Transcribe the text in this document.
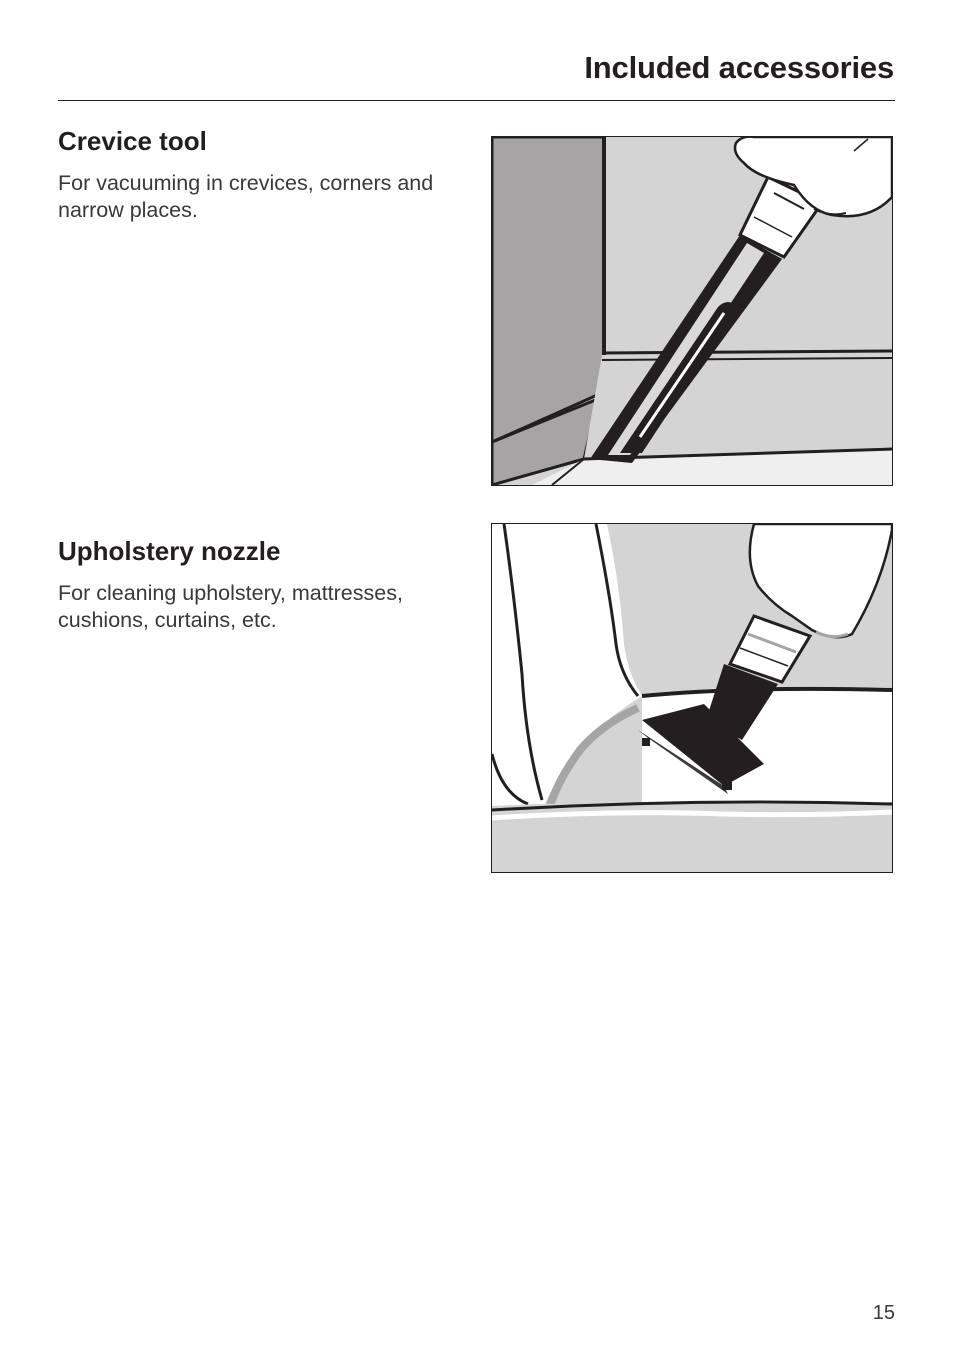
Included accessories
Crevice tool

For vacuuming in crevices, corners and narrow places.

Upholstery nozzle

For cleaning upholstery, mattresses, cushions, curtains, etc.

15
